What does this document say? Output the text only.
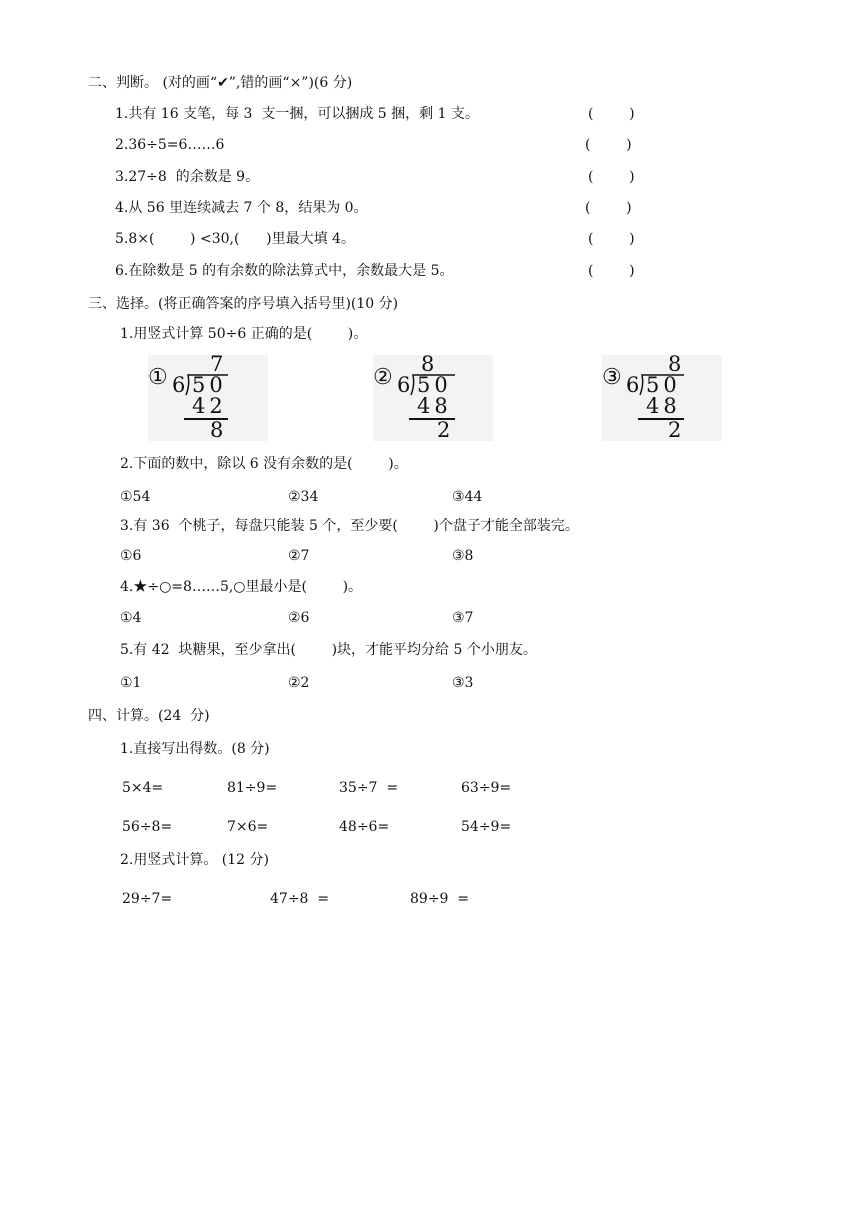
二、判断。 (对的画“✔”,错的画“×”)(6 分)
1.共有 16 支笔，每 3  支一捆，可以捆成 5 捆，剩 1 支。	(        )
2.36÷5=6……6	(        )
3.27÷8  的余数是 9。	(        )
4.从 56 里连续减去 7 个 8，结果为 0。	(        )
5.8×(        ) <30,(      )里最大填 4。	(        )
6.在除数是 5 的有余数的除法算式中，余数最大是 5。	(        )
三、选择。(将正确答案的序号填入括号里)(10 分)
1.用竖式计算 50÷6 正确的是(        )。
①
7
6 50
42
8
②
8
6 50
48
2
③
8
6 50
48
2
2.下面的数中，除以 6 没有余数的是(        )。
①54	②34	③44
3.有 36  个桃子，每盘只能装 5 个，至少要(        )个盘子才能全部装完。
①6	②7	③8
4.★÷○=8……5,○里最小是(        )。
①4	②6	③7
5.有 42  块糖果，至少拿出(        )块，才能平均分给 5 个小朋友。
①1	②2	③3
四、计算。(24  分)
1.直接写出得数。(8 分)
5×4=	81÷9=	35÷7  =	63÷9=
56÷8=	7×6=	48÷6=	54÷9=
2.用竖式计算。 (12 分)
29÷7=	47÷8  =	89÷9  =
